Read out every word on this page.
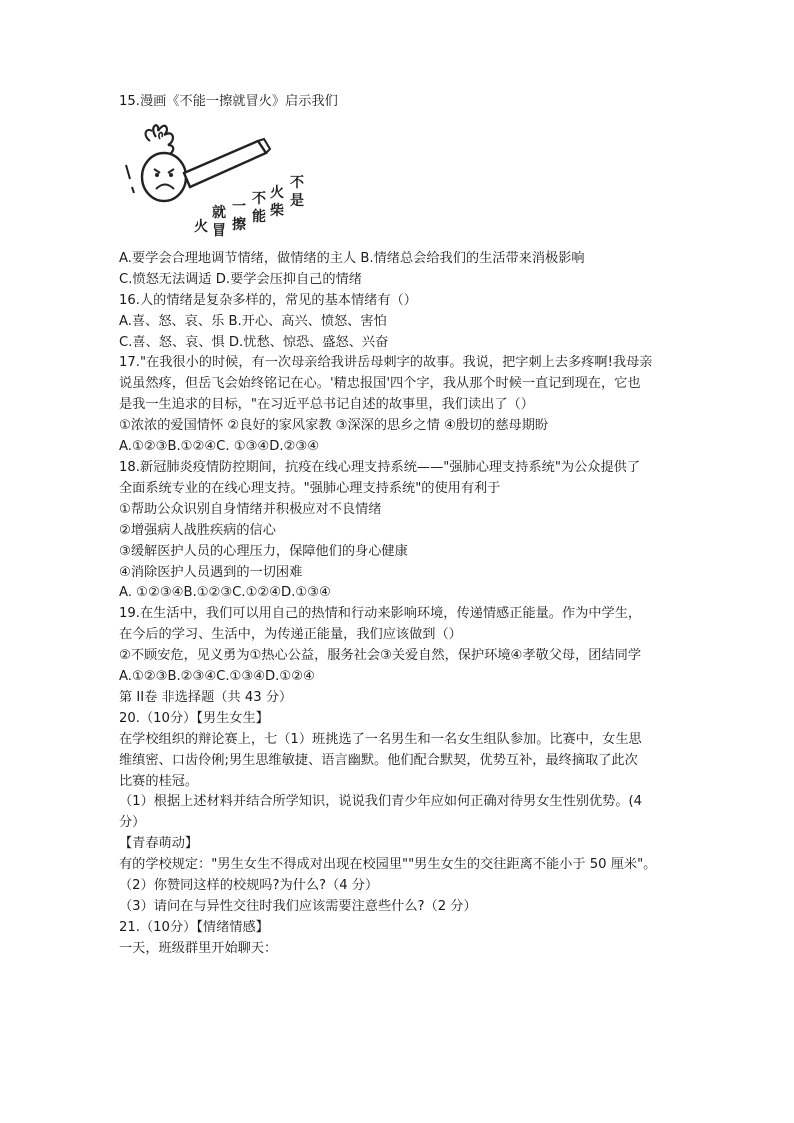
15.漫画《不能一擦就冒火》启示我们
不
是
火
柴
不
能
一
擦
就
冒
火
A.要学会合理地调节情绪，做情绪的主人 B.情绪总会给我们的生活带来消极影响
C.愤怒无法调适 D.要学会压抑自己的情绪
16.人的情绪是复杂多样的，常见的基本情绪有（）
A.喜、怒、哀、乐 B.开心、高兴、愤怒、害怕
C.喜、怒、哀、惧 D.忧愁、惊恐、盛怒、兴奋
17."在我很小的时候，有一次母亲给我讲岳母刺字的故事。我说，把字刺上去多疼啊!我母亲
说虽然疼，但岳飞会始终铭记在心。'精忠报国'四个字，我从那个时候一直记到现在，它也
是我一生追求的目标，"在习近平总书记自述的故事里，我们读出了（）
①浓浓的爱国情怀 ②良好的家风家教 ③深深的思乡之情 ④殷切的慈母期盼
A.①②③B.①②④C. ①③④D.②③④
18.新冠肺炎疫情防控期间，抗疫在线心理支持系统——"强肺心理支持系统"为公众提供了
全面系统专业的在线心理支持。"强肺心理支持系统"的使用有利于
①帮助公众识别自身情绪并积极应对不良情绪
②增强病人战胜疾病的信心
③缓解医护人员的心理压力，保障他们的身心健康
④消除医护人员遇到的一切困难
A. ①②③④B.①②③C.①②④D.①③④
19.在生活中，我们可以用自己的热情和行动来影响环境，传递情感正能量。作为中学生，
在今后的学习、生活中，为传递正能量，我们应该做到（）
②不顾安危，见义勇为①热心公益，服务社会③关爱自然，保护环境④孝敬父母，团结同学
A.①②③B.②③④C.①③④D.①②④
第 II卷 非选择题（共 43 分）
20.（10分）【男生女生】
在学校组织的辩论赛上，七（1）班挑选了一名男生和一名女生组队参加。比赛中，女生思
维缜密、口齿伶俐;男生思维敏捷、语言幽默。他们配合默契，优势互补，最终摘取了此次
比赛的桂冠。
（1）根据上述材料并结合所学知识，说说我们青少年应如何正确对待男女生性别优势。(4
分）
【青春萌动】
有的学校规定："男生女生不得成对出现在校园里""男生女生的交往距离不能小于 50 厘米"。
（2）你赞同这样的校规吗?为什么?（4 分）
（3）请问在与异性交往时我们应该需要注意些什么?（2 分）
21.（10分）【情绪情感】
一天，班级群里开始聊天：
